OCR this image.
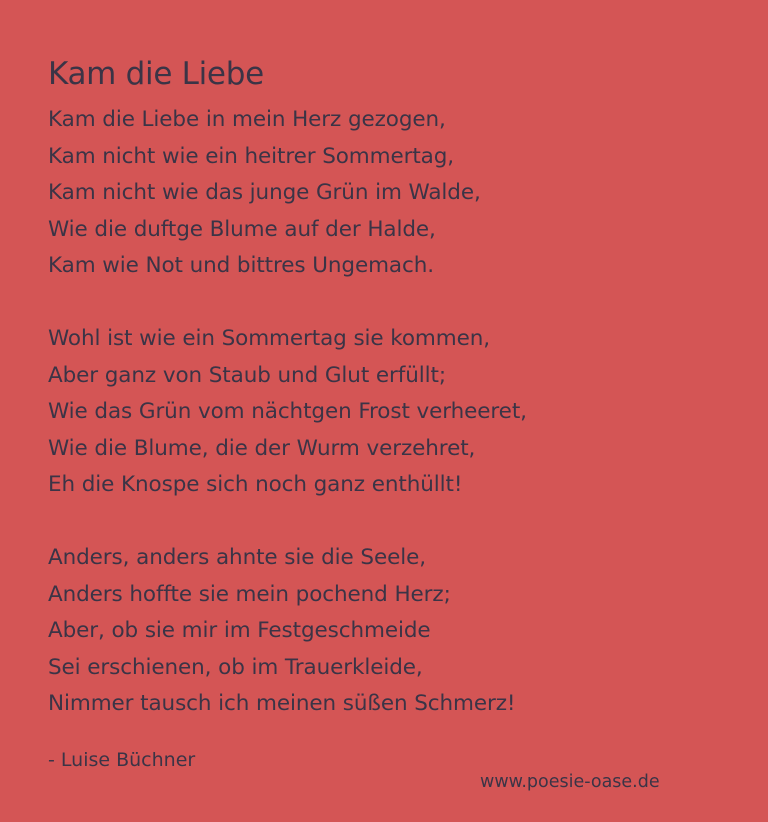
Kam die Liebe
Kam die Liebe in mein Herz gezogen,
Kam nicht wie ein heitrer Sommertag,
Kam nicht wie das junge Grün im Walde,
Wie die duftge Blume auf der Halde,
Kam wie Not und bittres Ungemach.
Wohl ist wie ein Sommertag sie kommen,
Aber ganz von Staub und Glut erfüllt;
Wie das Grün vom nächtgen Frost verheeret,
Wie die Blume, die der Wurm verzehret,
Eh die Knospe sich noch ganz enthüllt!
Anders, anders ahnte sie die Seele,
Anders hoffte sie mein pochend Herz;
Aber, ob sie mir im Festgeschmeide
Sei erschienen, ob im Trauerkleide,
Nimmer tausch ich meinen süßen Schmerz!
- Luise Büchner
www.poesie-oase.de
